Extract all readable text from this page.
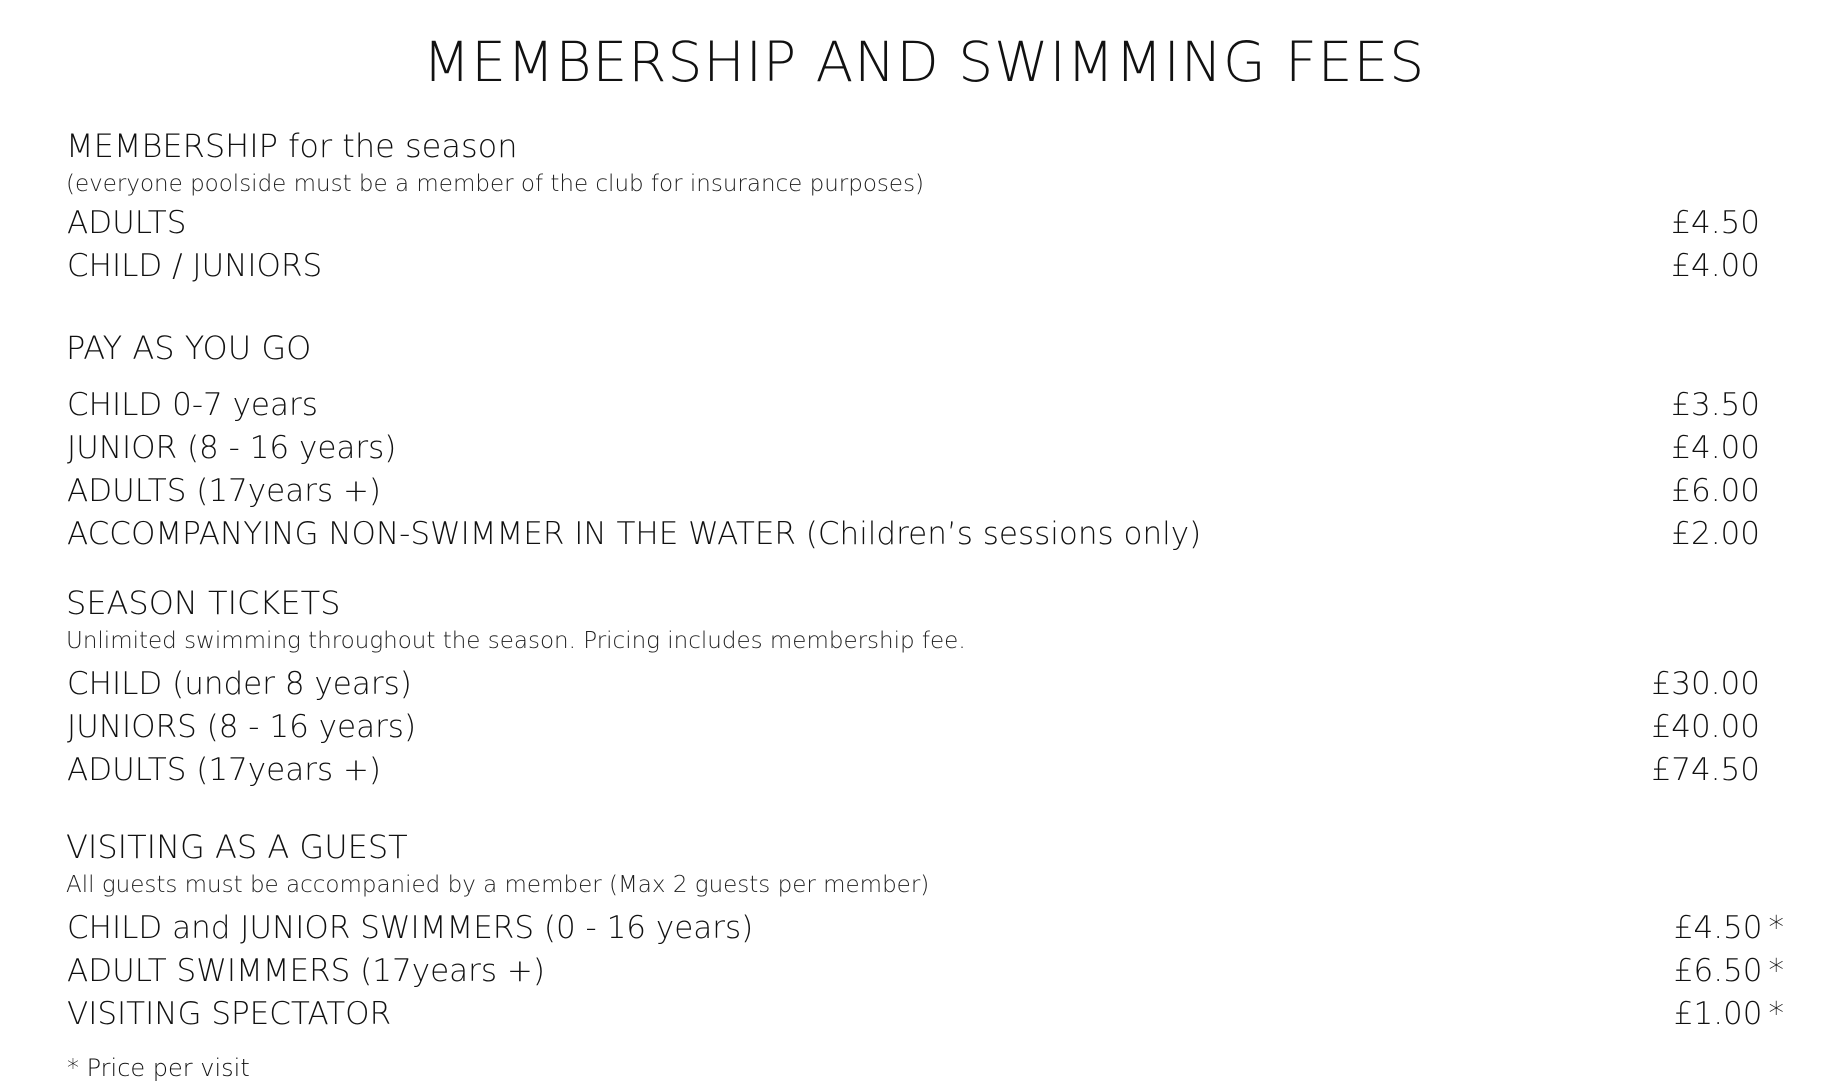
MEMBERSHIP AND SWIMMING FEES
MEMBERSHIP for the season
(everyone poolside must be a member of the club for insurance purposes)
ADULTS	£4.50
CHILD / JUNIORS	£4.00
PAY AS YOU GO
CHILD 0-7 years	£3.50
JUNIOR (8 - 16 years)	£4.00
ADULTS (17years +)	£6.00
ACCOMPANYING NON-SWIMMER IN THE WATER (Children’s sessions only)	£2.00
SEASON TICKETS
Unlimited swimming throughout the season. Pricing includes membership fee.
CHILD (under 8 years)	£30.00
JUNIORS (8 - 16 years)	£40.00
ADULTS (17years +)	£74.50
VISITING AS A GUEST
All guests must be accompanied by a member (Max 2 guests per member)
CHILD and JUNIOR SWIMMERS (0 - 16 years)	£4.50 *
ADULT SWIMMERS (17years +)	£6.50 *
VISITING SPECTATOR	£1.00 *
* Price per visit
